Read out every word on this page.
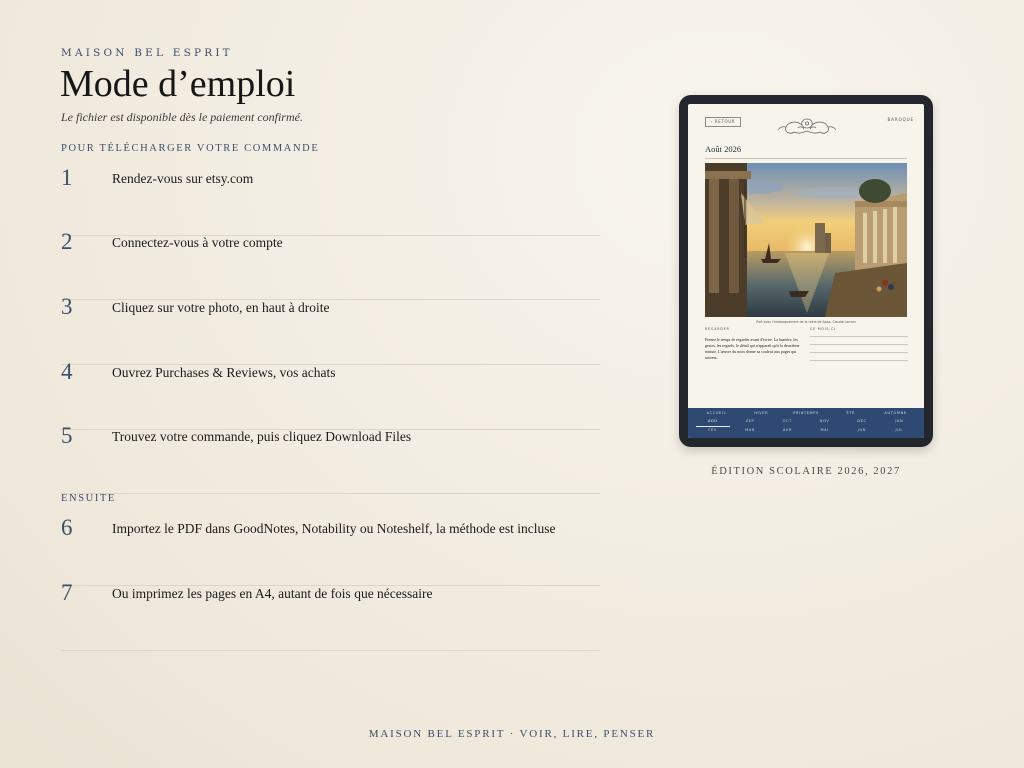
MAISON BEL ESPRIT
Mode d’emploi
Le fichier est disponible dès le paiement confirmé.
POUR TÉLÉCHARGER VOTRE COMMANDE
1	Rendez-vous sur etsy.com
2	Connectez-vous à votre compte
3	Cliquez sur votre photo, en haut à droite
4	Ouvrez Purchases & Reviews, vos achats
5	Trouvez votre commande, puis cliquez Download Files
ENSUITE
6	Importez le PDF dans GoodNotes, Notability ou Noteshelf, la méthode est incluse
7	Ou imprimez les pages en A4, autant de fois que nécessaire
‹ RETOUR	BAROQUE
Août 2026
Port avec l'embarquement de la reine de Saba, Claude Lorrain
REGARDER	CE MOIS-CI
Prenez le temps de regarder avant d'écrire. La lumière, les gestes, les regards, le détail qui n'apparaît qu'à la deuxième minute. L'œuvre du mois donne sa couleur aux pages qui suivent.
ACCUEIL	HIVER	PRINTEMPS	ÉTÉ	AUTOMNE
AOÛ	SEP	OCT	NOV	DÉC	JAN
FÉV	MAR	AVR	MAI	JUN	JUL
ÉDITION SCOLAIRE 2026, 2027
MAISON BEL ESPRIT · VOIR, LIRE, PENSER
